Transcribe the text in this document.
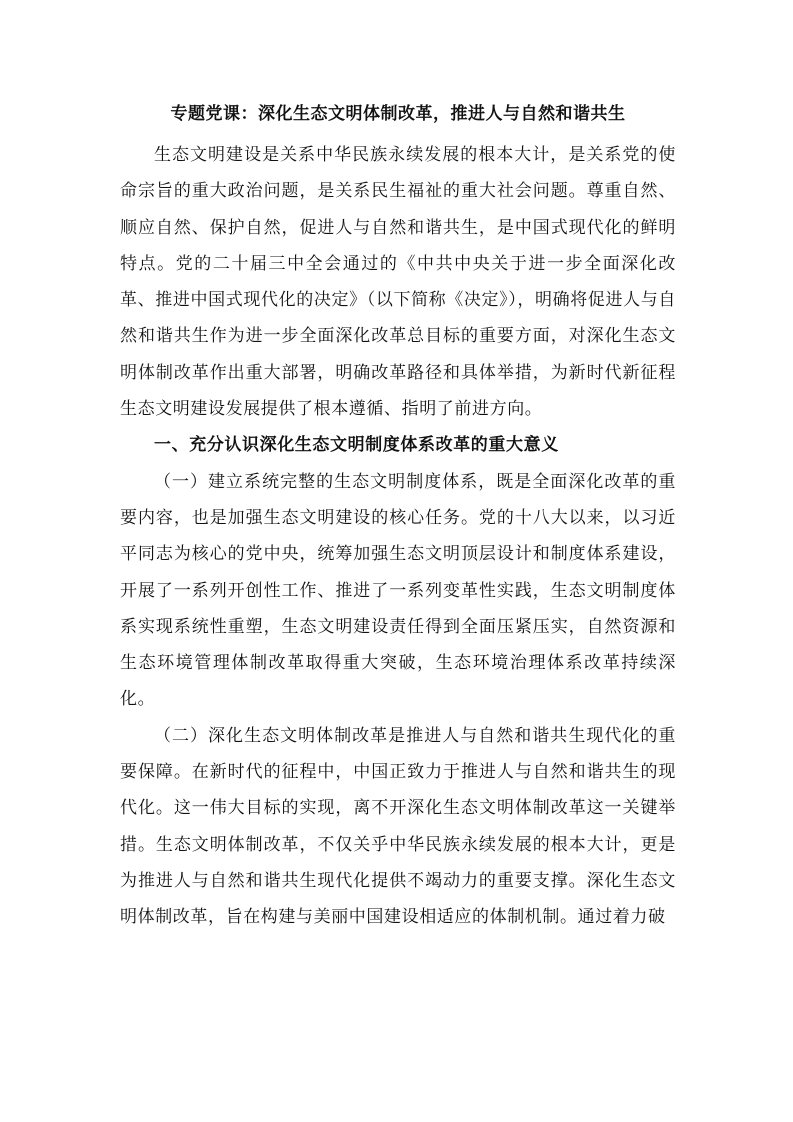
专题党课：深化生态文明体制改革，推进人与自然和谐共生

生态文明建设是关系中华民族永续发展的根本大计，是关系党的使命宗旨的重大政治问题，是关系民生福祉的重大社会问题。尊重自然、顺应自然、保护自然，促进人与自然和谐共生，是中国式现代化的鲜明特点。党的二十届三中全会通过的《中共中央关于进一步全面深化改革、推进中国式现代化的决定》（以下简称《决定》），明确将促进人与自然和谐共生作为进一步全面深化改革总目标的重要方面，对深化生态文明体制改革作出重大部署，明确改革路径和具体举措，为新时代新征程生态文明建设发展提供了根本遵循、指明了前进方向。

一、充分认识深化生态文明制度体系改革的重大意义

（一）建立系统完整的生态文明制度体系，既是全面深化改革的重要内容，也是加强生态文明建设的核心任务。党的十八大以来，以习近平同志为核心的党中央，统筹加强生态文明顶层设计和制度体系建设，开展了一系列开创性工作、推进了一系列变革性实践，生态文明制度体系实现系统性重塑，生态文明建设责任得到全面压紧压实，自然资源和生态环境管理体制改革取得重大突破，生态环境治理体系改革持续深化。

（二）深化生态文明体制改革是推进人与自然和谐共生现代化的重要保障。在新时代的征程中，中国正致力于推进人与自然和谐共生的现代化。这一伟大目标的实现，离不开深化生态文明体制改革这一关键举措。生态文明体制改革，不仅关乎中华民族永续发展的根本大计，更是为推进人与自然和谐共生现代化提供不竭动力的重要支撑。深化生态文明体制改革，旨在构建与美丽中国建设相适应的体制机制。通过着力破
